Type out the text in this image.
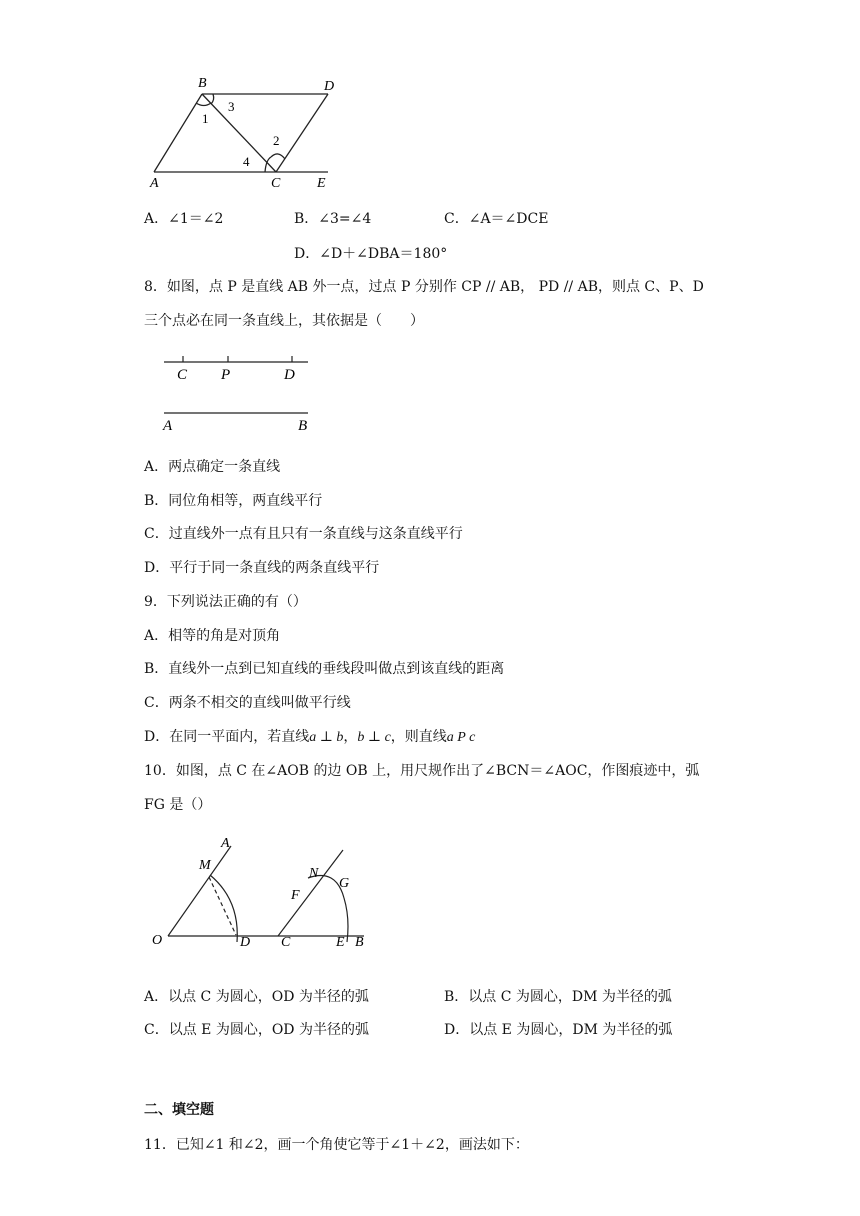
B	D
A	C	E
1
2
3
4
A．∠1＝∠2	B．∠3=∠4	C．∠A＝∠DCE
D．∠D＋∠DBA＝180°
8．如图，点 P 是直线 AB 外一点，过点 P 分别作 CP // AB， PD // AB，则点 C、P、D
三个点必在同一条直线上，其依据是（　　）
C P	D
A	B
A．两点确定一条直线
B．同位角相等，两直线平行
C．过直线外一点有且只有一条直线与这条直线平行
D．平行于同一条直线的两条直线平行
9．下列说法正确的有（）
A．相等的角是对顶角
B．直线外一点到已知直线的垂线段叫做点到该直线的距离
C．两条不相交的直线叫做平行线
D．在同一平面内，若直线a ⊥ b，b ⊥ c，则直线a P c
10．如图，点 C 在∠AOB 的边 OB 上，用尺规作出了∠BCN＝∠AOC，作图痕迹中，弧
FG 是（）
A
M
O	D C
N
G
F
E B
A．以点 C 为圆心，OD 为半径的弧	B．以点 C 为圆心，DM 为半径的弧
C．以点 E 为圆心，OD 为半径的弧	D．以点 E 为圆心，DM 为半径的弧
二、填空题
11．已知∠1 和∠2，画一个角使它等于∠1＋∠2，画法如下：
